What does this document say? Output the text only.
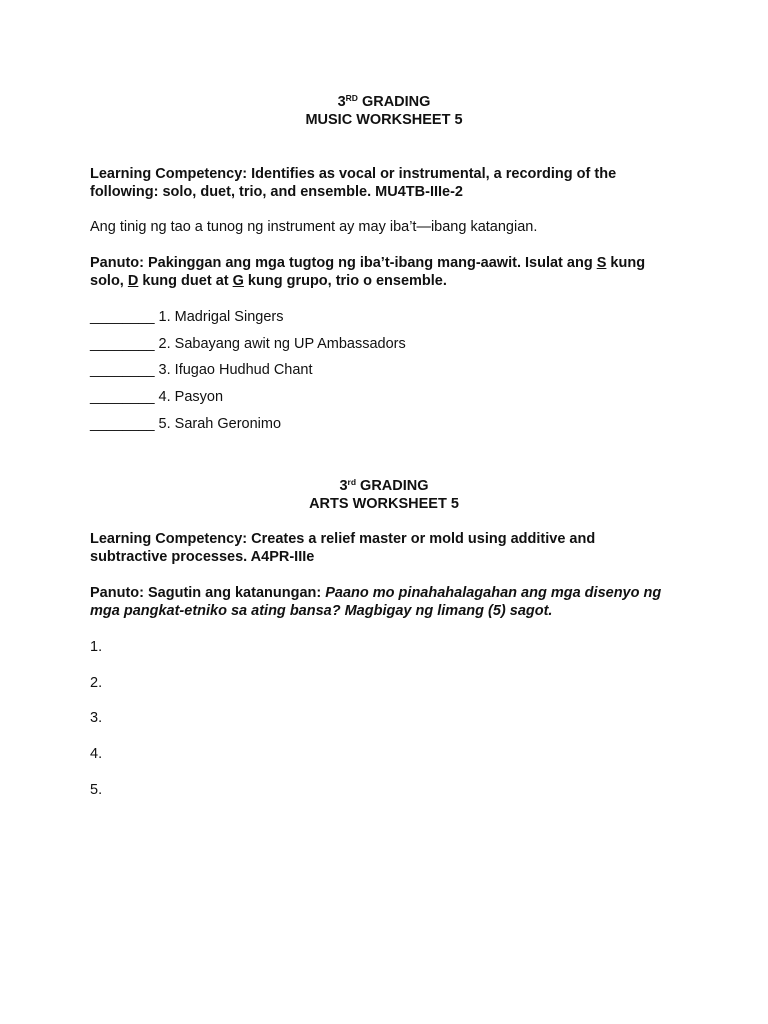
3RD GRADING
MUSIC WORKSHEET 5
Learning Competency: Identifies as vocal or instrumental, a recording of the following: solo, duet, trio, and ensemble. MU4TB-IIIe-2
Ang tinig ng tao a tunog ng instrument ay may iba’t—ibang katangian.
Panuto: Pakinggan ang mga tugtog ng iba’t-ibang mang-aawit. Isulat ang S kung solo, D kung duet at G kung grupo, trio o ensemble.
________ 1. Madrigal Singers
________ 2. Sabayang awit ng UP Ambassadors
________ 3. Ifugao Hudhud Chant
________ 4. Pasyon
________ 5. Sarah Geronimo
3rd GRADING
ARTS WORKSHEET 5
Learning Competency: Creates a relief master or mold using additive and subtractive processes. A4PR-IIIe
Panuto: Sagutin ang katanungan: Paano mo pinahahalagahan ang mga disenyo ng mga pangkat-etniko sa ating bansa? Magbigay ng limang (5) sagot.
1.
2.
3.
4.
5.
